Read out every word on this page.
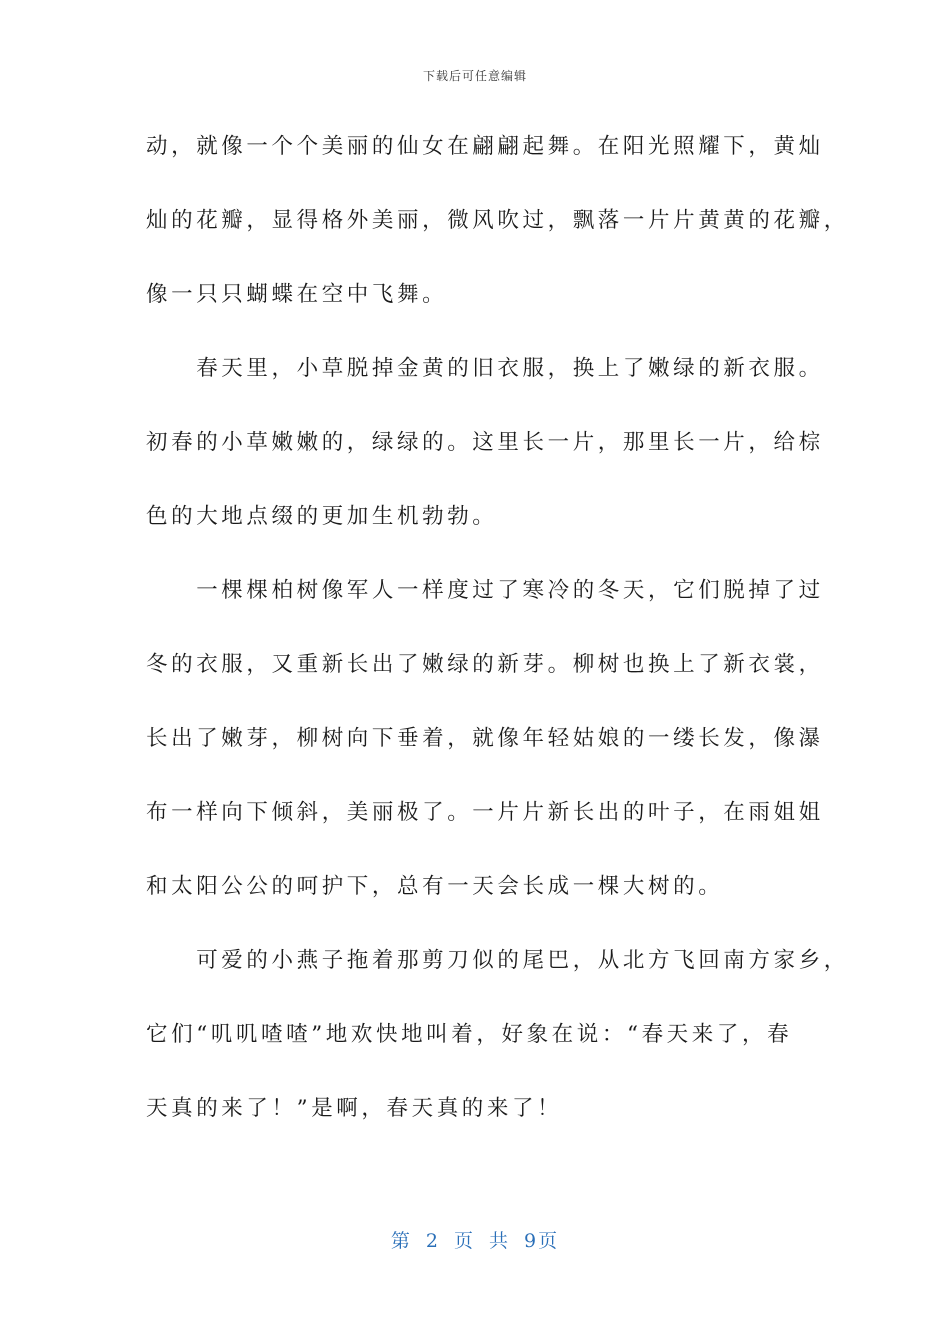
下载后可任意编辑
动，就像一个个美丽的仙女在翩翩起舞。在阳光照耀下，黄灿
灿的花瓣，显得格外美丽，微风吹过，飘落一片片黄黄的花瓣，
像一只只蝴蝶在空中飞舞。
　　春天里，小草脱掉金黄的旧衣服，换上了嫩绿的新衣服。
初春的小草嫩嫩的，绿绿的。这里长一片，那里长一片，给棕
色的大地点缀的更加生机勃勃。
　　一棵棵柏树像军人一样度过了寒冷的冬天，它们脱掉了过
冬的衣服，又重新长出了嫩绿的新芽。柳树也换上了新衣裳，
长出了嫩芽，柳树向下垂着，就像年轻姑娘的一缕长发，像瀑
布一样向下倾斜，美丽极了。一片片新长出的叶子，在雨姐姐
和太阳公公的呵护下，总有一天会长成一棵大树的。
　　可爱的小燕子拖着那剪刀似的尾巴，从北方飞回南方家乡，
它们“叽叽喳喳”地欢快地叫着，好象在说：“春天来了，春
天真的来了！”是啊，春天真的来了！
第 2 页 共 9页
